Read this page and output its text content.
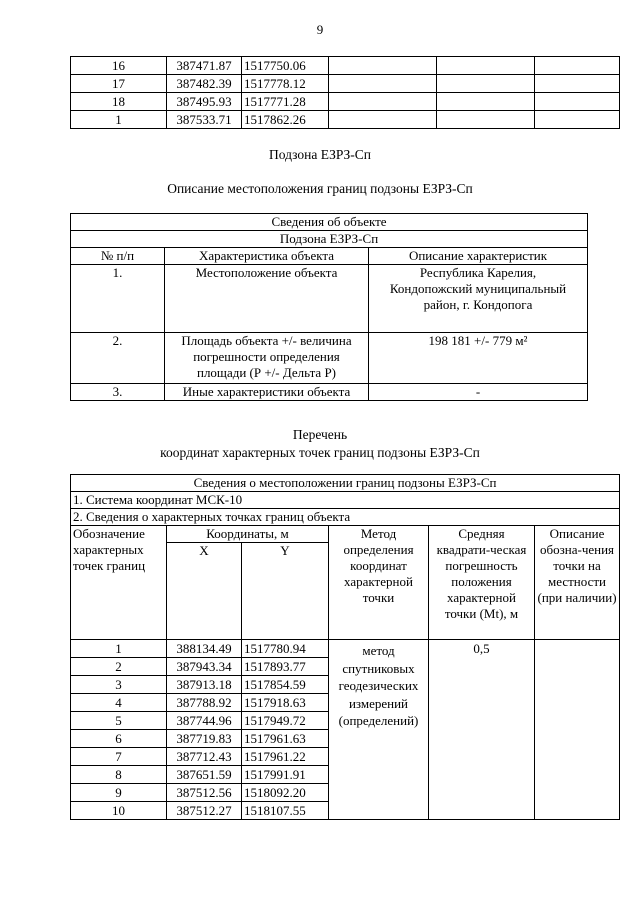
9
16	387471.87	1517750.06			
17	387482.39	1517778.12			
18	387495.93	1517771.28			
1	387533.71	1517862.26			
Подзона ЕЗРЗ-Сп
Описание местоположения границ подзоны ЕЗРЗ-Сп
Сведения об объекте		
Подзона ЕЗРЗ-Сп		
№ п/п	Характеристика объекта	Описание характеристик
1.	Местоположение объекта	Республика Карелия, Кондопожский муниципальный район, г. Кондопога
2.	Площадь объекта +/- величина погрешности определения площади (Р +/- Дельта Р)	198 181 +/- 779 м²
3.	Иные характеристики объекта	-
Перечень
координат характерных точек границ подзоны ЕЗРЗ-Сп
Сведения о местоположении границ подзоны ЕЗРЗ-Сп					
1. Система координат МСК-10					
2. Сведения о характерных точках границ объекта					
Обозначение характерных точек границ	Координаты, м		Метод определения координат характерной точки	Средняя квадрати-ческая погрешность положения характерной точки (Mt), м	Описание обозна-чения точки на местности (при наличии)
	X	Y			
1	388134.49	1517780.94	метод спутниковых геодезических измерений (определений)	0,5	
2	387943.34	1517893.77			
3	387913.18	1517854.59			
4	387788.92	1517918.63			
5	387744.96	1517949.72			
6	387719.83	1517961.63			
7	387712.43	1517961.22			
8	387651.59	1517991.91			
9	387512.56	1518092.20			
10	387512.27	1518107.55			
